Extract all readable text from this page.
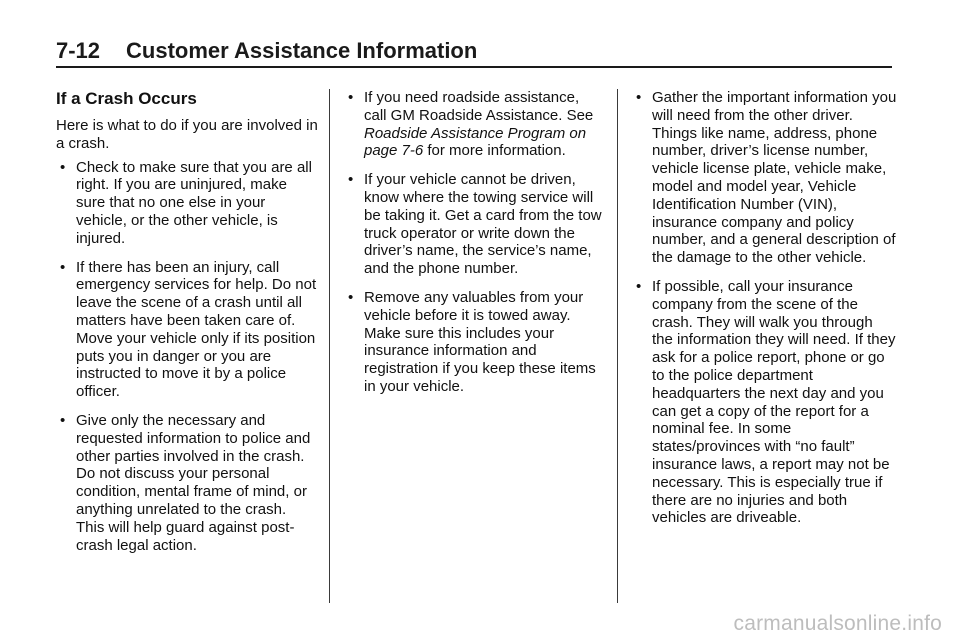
7-12 Customer Assistance Information
If a Crash Occurs

Here is what to do if you are involved in a crash.

• Check to make sure that you are all right. If you are uninjured, make sure that no one else in your vehicle, or the other vehicle, is injured.
• If there has been an injury, call emergency services for help. Do not leave the scene of a crash until all matters have been taken care of. Move your vehicle only if its position puts you in danger or you are instructed to move it by a police officer.
• Give only the necessary and requested information to police and other parties involved in the crash. Do not discuss your personal condition, mental frame of mind, or anything unrelated to the crash. This will help guard against post-crash legal action.
• If you need roadside assistance, call GM Roadside Assistance. See Roadside Assistance Program on page 7-6 for more information.
• If your vehicle cannot be driven, know where the towing service will be taking it. Get a card from the tow truck operator or write down the driver’s name, the service’s name, and the phone number.
• Remove any valuables from your vehicle before it is towed away. Make sure this includes your insurance information and registration if you keep these items in your vehicle.
• Gather the important information you will need from the other driver. Things like name, address, phone number, driver’s license number, vehicle license plate, vehicle make, model and model year, Vehicle Identification Number (VIN), insurance company and policy number, and a general description of the damage to the other vehicle.
• If possible, call your insurance company from the scene of the crash. They will walk you through the information they will need. If they ask for a police report, phone or go to the police department headquarters the next day and you can get a copy of the report for a nominal fee. In some states/provinces with “no fault” insurance laws, a report may not be necessary. This is especially true if there are no injuries and both vehicles are driveable.
carmanualsonline.info
